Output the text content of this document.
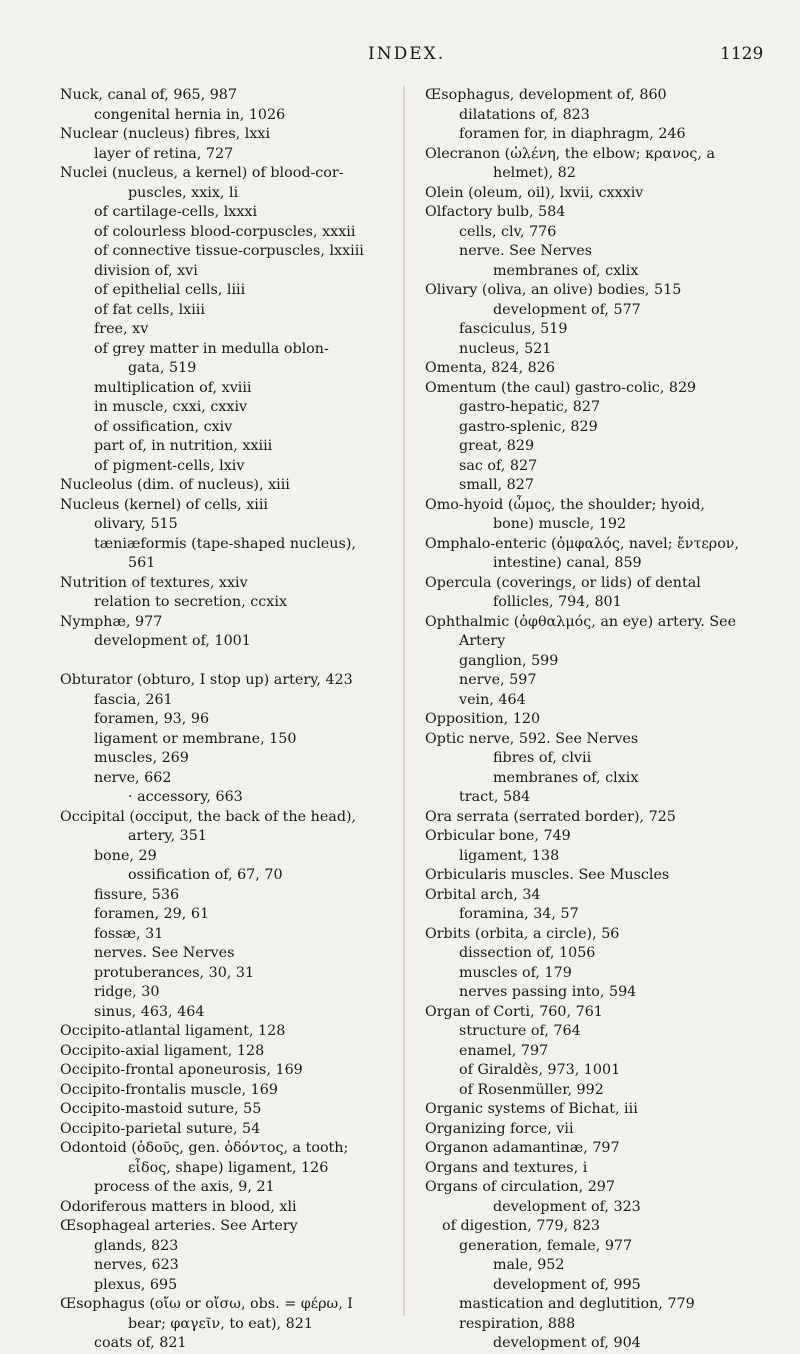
INDEX.	1129
Nuck, canal of, 965, 987
congenital hernia in, 1026
Nuclear (nucleus) fibres, lxxi
layer of retina, 727
Nuclei (nucleus, a kernel) of blood-cor-
puscles, xxix, li
of cartilage-cells, lxxxi
of colourless blood-corpuscles, xxxii
of connective tissue-corpuscles, lxxiii
division of, xvi
of epithelial cells, liii
of fat cells, lxiii
free, xv
of grey matter in medulla oblon-
gata, 519
multiplication of, xviii
in muscle, cxxi, cxxiv
of ossification, cxiv
part of, in nutrition, xxiii
of pigment-cells, lxiv
Nucleolus (dim. of nucleus), xiii
Nucleus (kernel) of cells, xiii
olivary, 515
tæniæformis (tape-shaped nucleus),
561
Nutrition of textures, xxiv
relation to secretion, ccxix
Nymphæ, 977
development of, 1001
Obturator (obturo, I stop up) artery, 423
fascia, 261
foramen, 93, 96
ligament or membrane, 150
muscles, 269
nerve, 662
· accessory, 663
Occipital (occiput, the back of the head),
artery, 351
bone, 29
ossification of, 67, 70
fissure, 536
foramen, 29, 61
fossæ, 31
nerves. See Nerves
protuberances, 30, 31
ridge, 30
sinus, 463, 464
Occipito-atlantal ligament, 128
Occipito-axial ligament, 128
Occipito-frontal aponeurosis, 169
Occipito-frontalis muscle, 169
Occipito-mastoid suture, 55
Occipito-parietal suture, 54
Odontoid (ὀδοῦς, gen. ὀδόντος, a tooth;
εἶδος, shape) ligament, 126
process of the axis, 9, 21
Odoriferous matters in blood, xli
Œsophageal arteries. See Artery
glands, 823
nerves, 623
plexus, 695
Œsophagus (οἴω or οἴσω, obs. = φέρω, I
bear; φαγεῖν, to eat), 821
coats of, 821
Œsophagus, development of, 860
dilatations of, 823
foramen for, in diaphragm, 246
Olecranon (ὠλένη, the elbow; κρανος, a
helmet), 82
Olein (oleum, oil), lxvii, cxxxiv
Olfactory bulb, 584
cells, clv, 776
nerve. See Nerves
membranes of, cxlix
Olivary (oliva, an olive) bodies, 515
development of, 577
fasciculus, 519
nucleus, 521
Omenta, 824, 826
Omentum (the caul) gastro-colic, 829
gastro-hepatic, 827
gastro-splenic, 829
great, 829
sac of, 827
small, 827
Omo-hyoid (ὦμος, the shoulder; hyoid,
bone) muscle, 192
Omphalo-enteric (ὀμφαλός, navel; ἔντερον,
intestine) canal, 859
Opercula (coverings, or lids) of dental
follicles, 794, 801
Ophthalmic (ὀφθαλμός, an eye) artery. See
Artery
ganglion, 599
nerve, 597
vein, 464
Opposition, 120
Optic nerve, 592. See Nerves
fibres of, clvii
membranes of, clxix
tract, 584
Ora serrata (serrated border), 725
Orbicular bone, 749
ligament, 138
Orbicularis muscles. See Muscles
Orbital arch, 34
foramina, 34, 57
Orbits (orbita, a circle), 56
dissection of, 1056
muscles of, 179
nerves passing into, 594
Organ of Corti, 760, 761
structure of, 764
enamel, 797
of Giraldès, 973, 1001
of Rosenmüller, 992
Organic systems of Bichat, iii
Organizing force, vii
Organon adamantinæ, 797
Organs and textures, i
Organs of circulation, 297
development of, 323
of digestion, 779, 823
generation, female, 977
male, 952
development of, 995
mastication and deglutition, 779
respiration, 888
development of, 904
